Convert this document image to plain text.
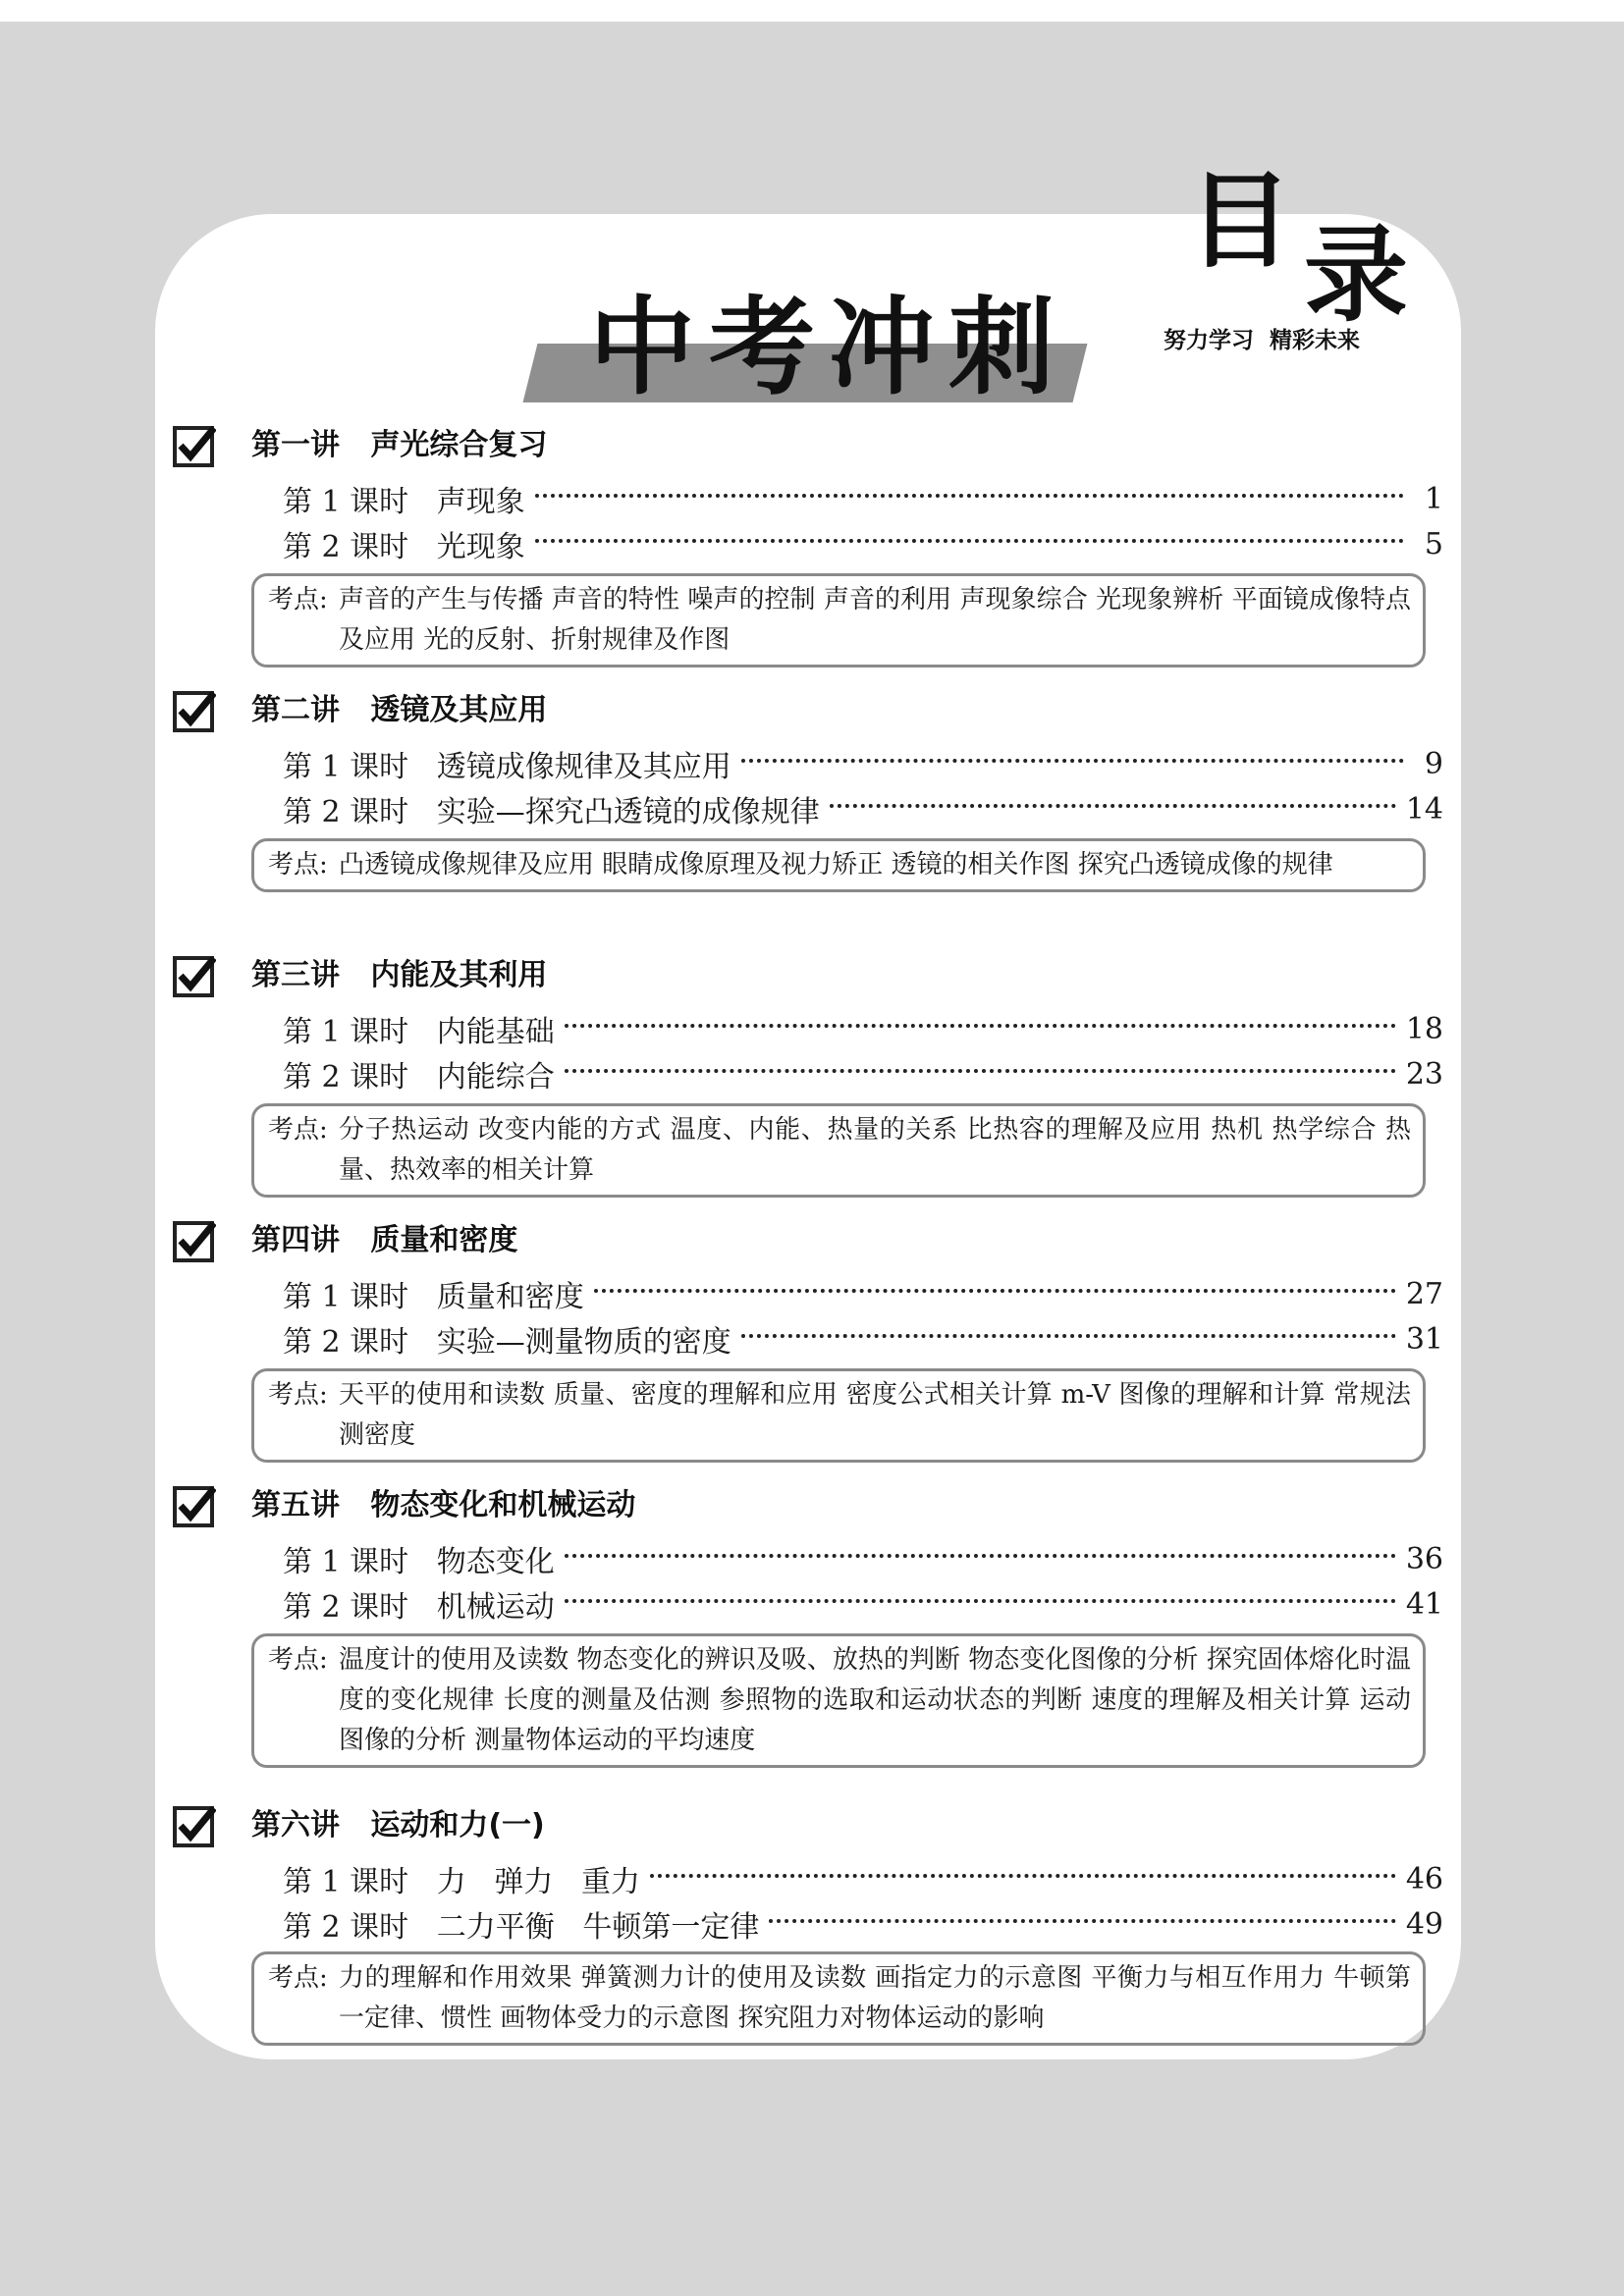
中考冲刺
目 录
努力学习  精彩未来
第一讲   声光综合复习
第 1 课时   声现象	1
第 2 课时   光现象	5
考点: 声音的产生与传播 声音的特性 噪声的控制 声音的利用 声现象综合 光现象辨析 平面镜成像特点及应用 光的反射、折射规律及作图
第二讲   透镜及其应用
第 1 课时   透镜成像规律及其应用	9
第 2 课时   实验—探究凸透镜的成像规律	14
考点: 凸透镜成像规律及应用 眼睛成像原理及视力矫正 透镜的相关作图 探究凸透镜成像的规律
第三讲   内能及其利用
第 1 课时   内能基础	18
第 2 课时   内能综合	23
考点: 分子热运动 改变内能的方式 温度、内能、热量的关系 比热容的理解及应用 热机 热学综合 热量、热效率的相关计算
第四讲   质量和密度
第 1 课时   质量和密度	27
第 2 课时   实验—测量物质的密度	31
考点: 天平的使用和读数 质量、密度的理解和应用 密度公式相关计算 m-V 图像的理解和计算 常规法测密度
第五讲   物态变化和机械运动
第 1 课时   物态变化	36
第 2 课时   机械运动	41
考点: 温度计的使用及读数 物态变化的辨识及吸、放热的判断 物态变化图像的分析 探究固体熔化时温度的变化规律 长度的测量及估测 参照物的选取和运动状态的判断 速度的理解及相关计算 运动图像的分析 测量物体运动的平均速度
第六讲   运动和力(一)
第 1 课时   力   弹力   重力	46
第 2 课时   二力平衡   牛顿第一定律	49
考点: 力的理解和作用效果 弹簧测力计的使用及读数 画指定力的示意图 平衡力与相互作用力 牛顿第一定律、惯性 画物体受力的示意图 探究阻力对物体运动的影响
